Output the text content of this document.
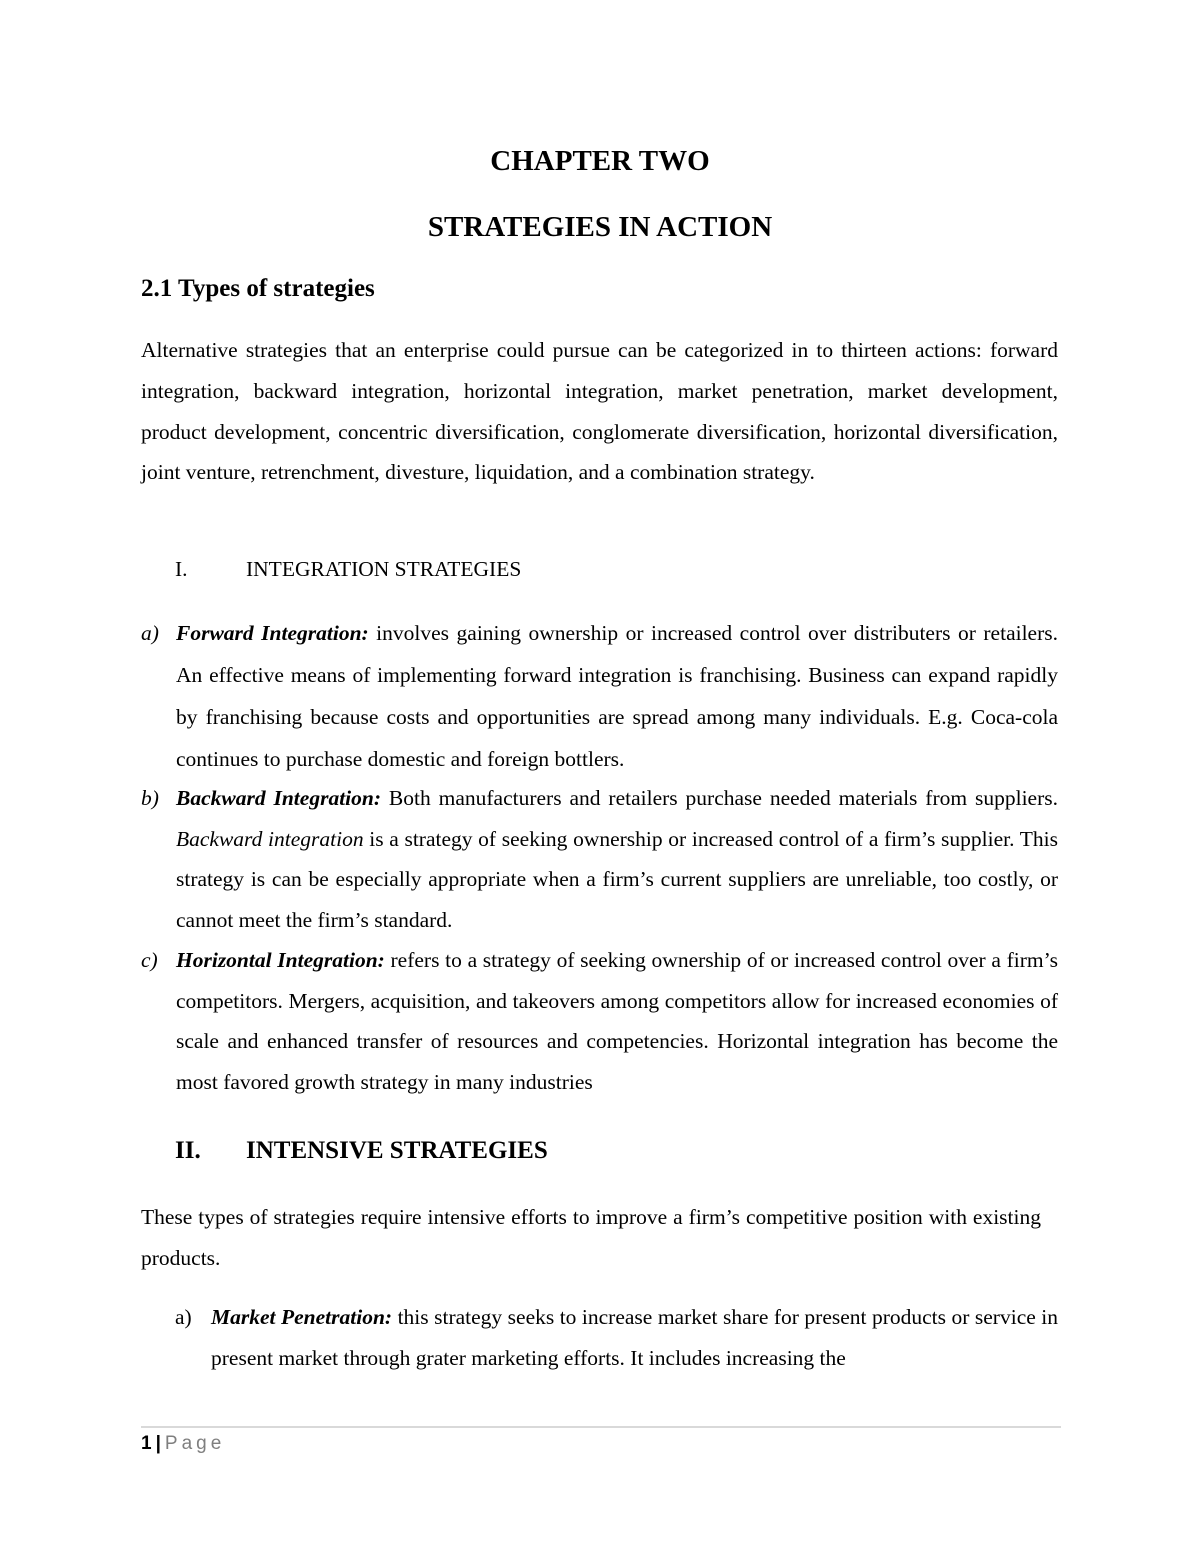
CHAPTER TWO
STRATEGIES IN ACTION
2.1 Types of strategies
Alternative strategies that an enterprise could pursue can be categorized in to thirteen actions: forward integration, backward integration, horizontal integration, market penetration, market development, product development, concentric diversification, conglomerate diversification, horizontal diversification, joint venture, retrenchment, divesture, liquidation, and a combination strategy.
I.	INTEGRATION STRATEGIES
a) Forward Integration: involves gaining ownership or increased control over distributers or retailers. An effective means of implementing forward integration is franchising. Business can expand rapidly by franchising because costs and opportunities are spread among many individuals. E.g. Coca-cola continues to purchase domestic and foreign bottlers.
b) Backward Integration: Both manufacturers and retailers purchase needed materials from suppliers. Backward integration is a strategy of seeking ownership or increased control of a firm’s supplier. This strategy is can be especially appropriate when a firm’s current suppliers are unreliable, too costly, or cannot meet the firm’s standard.
c) Horizontal Integration: refers to a strategy of seeking ownership of or increased control over a firm’s competitors. Mergers, acquisition, and takeovers among competitors allow for increased economies of scale and enhanced transfer of resources and competencies. Horizontal integration has become the most favored growth strategy in many industries
II. INTENSIVE STRATEGIES
These types of strategies require intensive efforts to improve a firm’s competitive position with existing products.
a) Market Penetration: this strategy seeks to increase market share for present products or service in present market through grater marketing efforts. It includes increasing the
1 | Page
